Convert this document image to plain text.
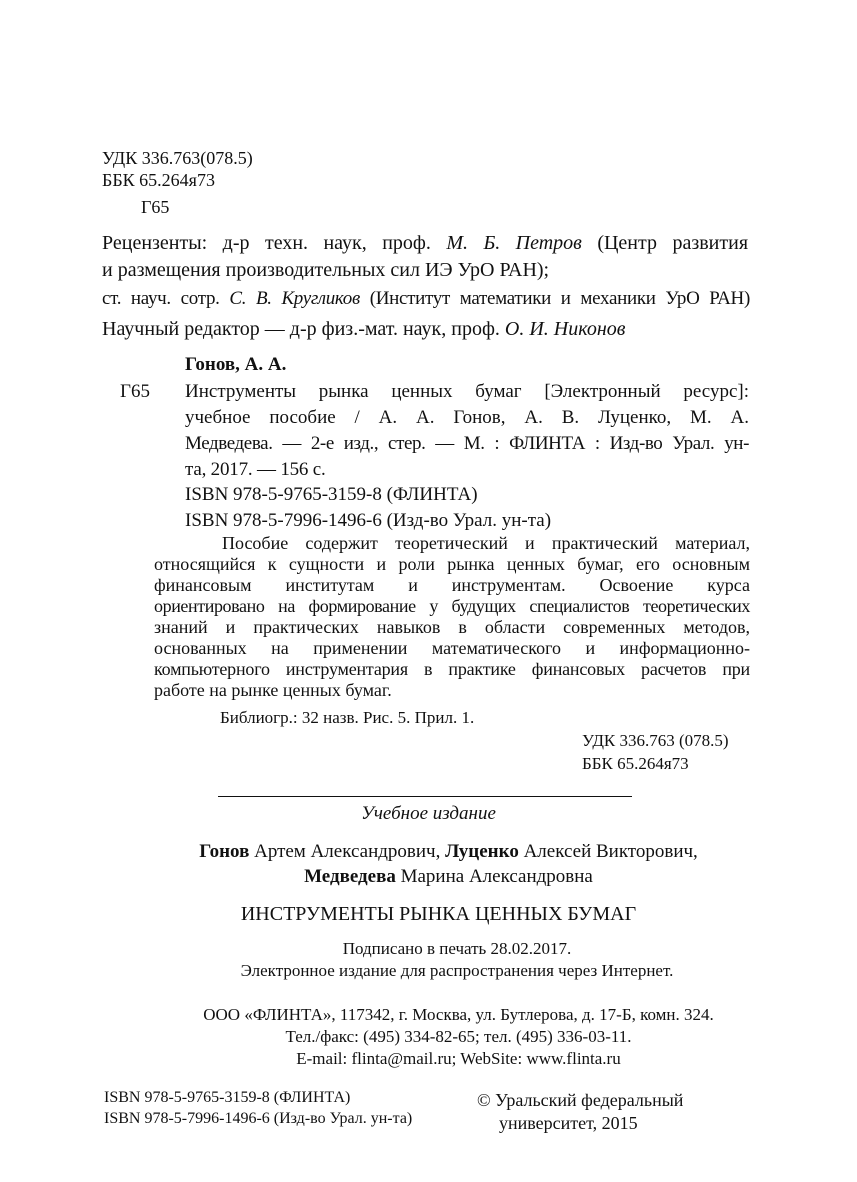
УДК 336.763(078.5)
ББК 65.264я73
Г65
Рецензенты: д-р техн. наук, проф. М. Б. Петров (Центр развития
и размещения производительных сил ИЭ УрО РАН);
ст. науч. сотр. С. В. Кругликов (Институт математики и механики УрО РАН)
Научный редактор — д-р физ.-мат. наук, проф. О. И. Никонов
Гонов, А. А.
Г65 Инструменты рынка ценных бумаг [Электронный ресурс]:
учебное пособие / А. А. Гонов, А. В. Луценко, М. А.
Медведева. — 2-е изд., стер. — М. : ФЛИНТА : Изд-во Урал. ун-
та, 2017. — 156 с.
ISBN 978-5-9765-3159-8 (ФЛИНТА)
ISBN 978-5-7996-1496-6 (Изд-во Урал. ун-та)
Пособие содержит теоретический и практический материал,
относящийся к сущности и роли рынка ценных бумаг, его основным
финансовым институтам и инструментам. Освоение курса
ориентировано на формирование у будущих специалистов теоретических
знаний и практических навыков в области современных методов,
основанных на применении математического и информационно-
компьютерного инструментария в практике финансовых расчетов при
работе на рынке ценных бумаг.
Библиогр.: 32 назв. Рис. 5. Прил. 1.
УДК 336.763 (078.5)
ББК 65.264я73
Учебное издание
Гонов Артем Александрович, Луценко Алексей Викторович,
Медведева Марина Александровна
ИНСТРУМЕНТЫ РЫНКА ЦЕННЫХ БУМАГ
Подписано в печать 28.02.2017.
Электронное издание для распространения через Интернет.
ООО «ФЛИНТА», 117342, г. Москва, ул. Бутлерова, д. 17-Б, комн. 324.
Тел./факс: (495) 334-82-65; тел. (495) 336-03-11.
E-mail: flinta@mail.ru; WebSite: www.flinta.ru
ISBN 978-5-9765-3159-8 (ФЛИНТА)
ISBN 978-5-7996-1496-6 (Изд-во Урал. ун-та)
© Уральский федеральный
университет, 2015
